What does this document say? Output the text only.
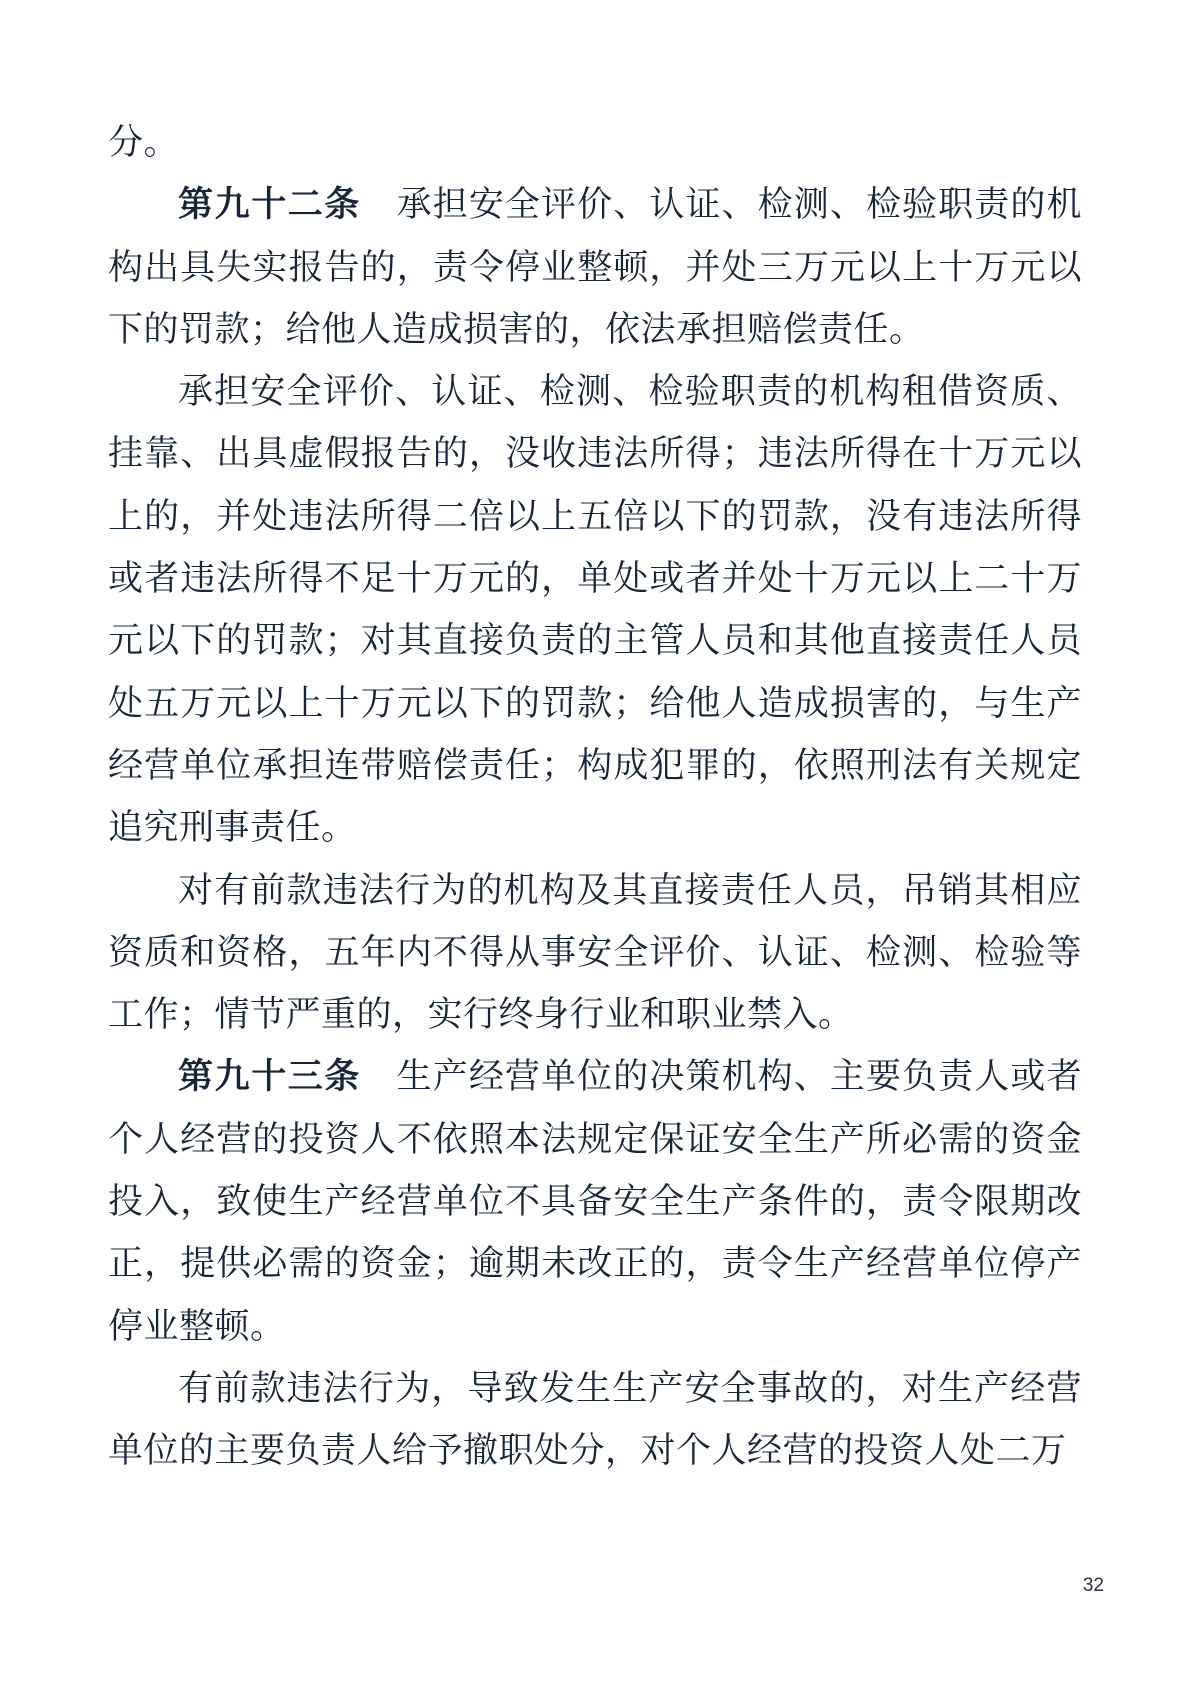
分。

第九十二条 承担安全评价、认证、检测、检验职责的机构出具失实报告的，责令停业整顿，并处三万元以上十万元以下的罚款；给他人造成损害的，依法承担赔偿责任。

承担安全评价、认证、检测、检验职责的机构租借资质、挂靠、出具虚假报告的，没收违法所得；违法所得在十万元以上的，并处违法所得二倍以上五倍以下的罚款，没有违法所得或者违法所得不足十万元的，单处或者并处十万元以上二十万元以下的罚款；对其直接负责的主管人员和其他直接责任人员处五万元以上十万元以下的罚款；给他人造成损害的，与生产经营单位承担连带赔偿责任；构成犯罪的，依照刑法有关规定追究刑事责任。

对有前款违法行为的机构及其直接责任人员，吊销其相应资质和资格，五年内不得从事安全评价、认证、检测、检验等工作；情节严重的，实行终身行业和职业禁入。

第九十三条 生产经营单位的决策机构、主要负责人或者个人经营的投资人不依照本法规定保证安全生产所必需的资金投入，致使生产经营单位不具备安全生产条件的，责令限期改正，提供必需的资金；逾期未改正的，责令生产经营单位停产停业整顿。

有前款违法行为，导致发生生产安全事故的，对生产经营单位的主要负责人给予撤职处分，对个人经营的投资人处二万

32
